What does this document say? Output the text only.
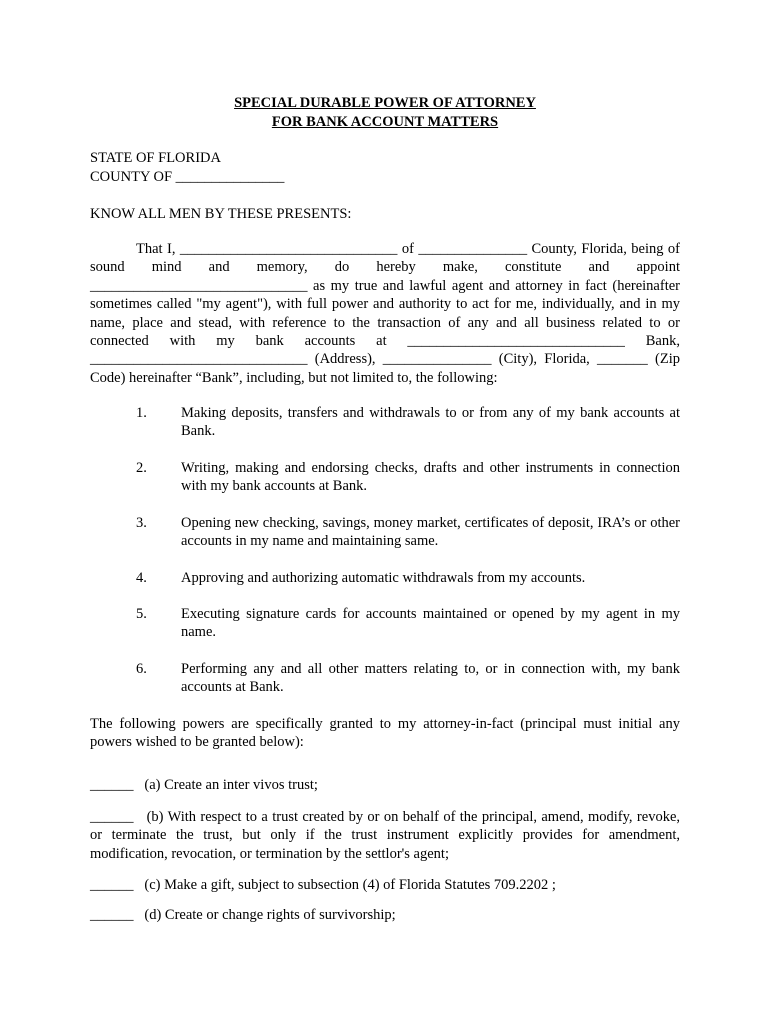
SPECIAL DURABLE POWER OF ATTORNEY

FOR BANK ACCOUNT MATTERS

STATE OF FLORIDA

COUNTY OF _______________

KNOW ALL MEN BY THESE PRESENTS:

That I, ______________________________ of _______________ County, Florida, being of sound mind and memory, do hereby make, constitute and appoint ______________________________ as my true and lawful agent and attorney in fact (hereinafter sometimes called "my agent"), with full power and authority to act for me, individually, and in my name, place and stead, with reference to the transaction of any and all business related to or connected with my bank accounts at ______________________________ Bank, ______________________________ (Address), _______________ (City), Florida, _______ (Zip Code) hereinafter “Bank”, including, but not limited to, the following:

1. Making deposits, transfers and withdrawals to or from any of my bank accounts at Bank.
2. Writing, making and endorsing checks, drafts and other instruments in connection with my bank accounts at Bank.
3. Opening new checking, savings, money market, certificates of deposit, IRA’s or other accounts in my name and maintaining same.
4. Approving and authorizing automatic withdrawals from my accounts.
5. Executing signature cards for accounts maintained or opened by my agent in my name.
6. Performing any and all other matters relating to, or in connection with, my bank accounts at Bank.

The following powers are specifically granted to my attorney-in-fact (principal must initial any powers wished to be granted below):

______   (a) Create an inter vivos trust;

______   (b) With respect to a trust created by or on behalf of the principal, amend, modify, revoke, or terminate the trust, but only if the trust instrument explicitly provides for amendment, modification, revocation, or termination by the settlor's agent;

______   (c) Make a gift, subject to subsection (4) of Florida Statutes 709.2202 ;

______   (d) Create or change rights of survivorship;
